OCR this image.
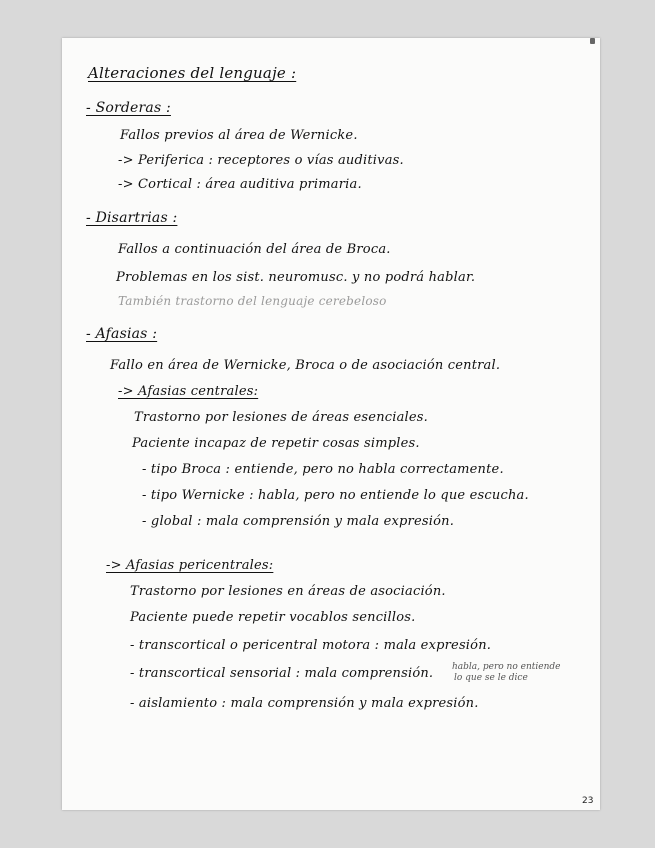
Alteraciones del lenguaje :
- Sorderas :
Fallos previos al área de Wernicke.
-> Periferica : receptores o vías auditivas.
-> Cortical : área auditiva primaria.
- Disartrias :
Fallos a continuación del área de Broca.
Problemas en los sist. neuromusc. y no podrá hablar.
También trastorno del lenguaje cerebeloso
- Afasias :
Fallo en área de Wernicke, Broca o de asociación central.
-> Afasias centrales:
Trastorno por lesiones de áreas esenciales.
Paciente incapaz de repetir cosas simples.
- tipo Broca : entiende, pero no habla correctamente.
- tipo Wernicke : habla, pero no entiende lo que escucha.
- global : mala comprensión y mala expresión.
-> Afasias pericentrales:
Trastorno por lesiones en áreas de asociación.
Paciente puede repetir vocablos sencillos.
- transcortical o pericentral motora : mala expresión.
- transcortical sensorial : mala comprensión. habla, pero no entiende
lo que se le dice
- aislamiento : mala comprensión y mala expresión.
23
